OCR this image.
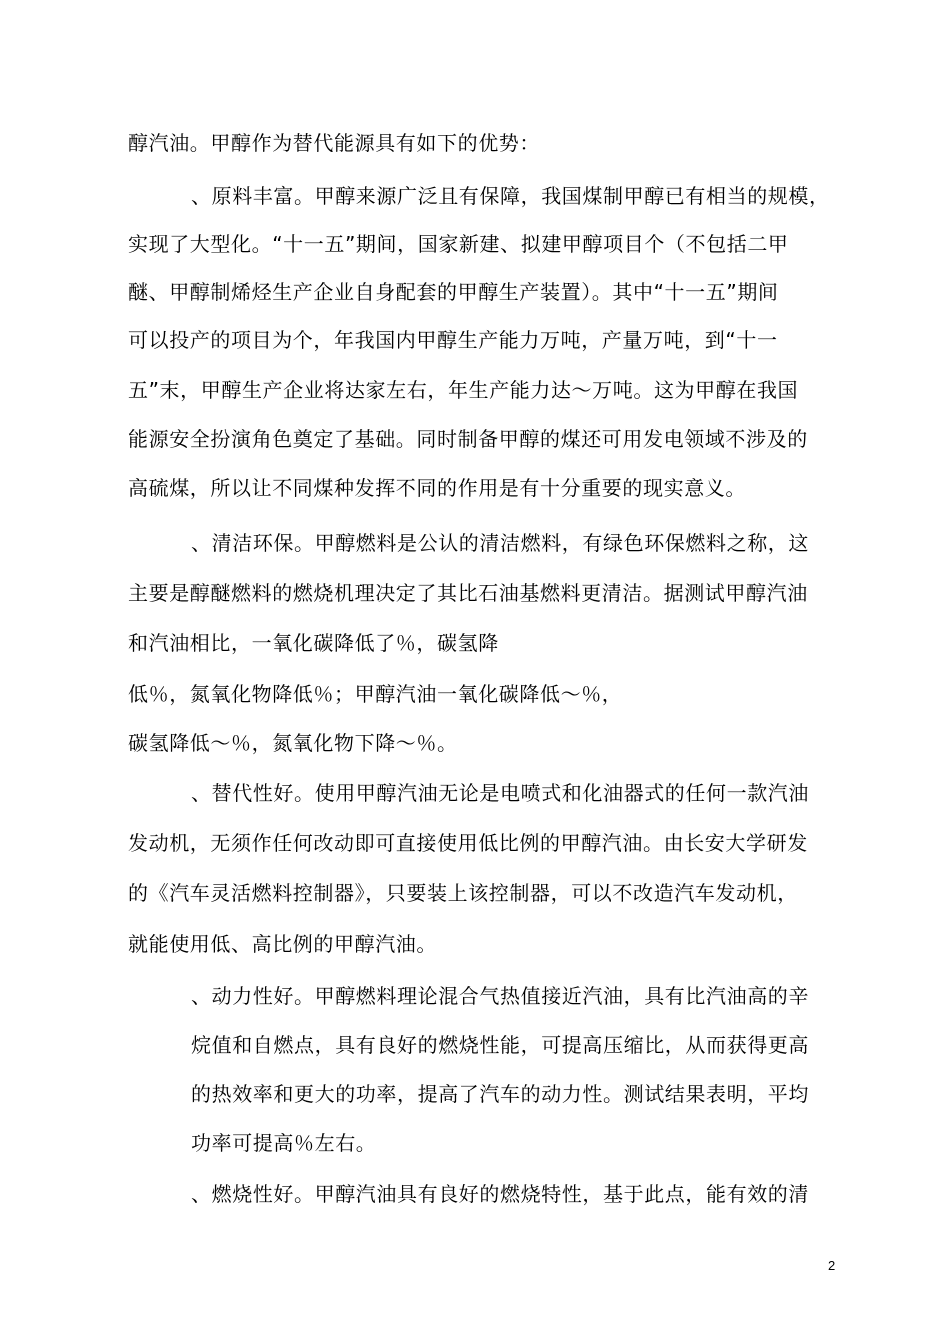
醇汽油。甲醇作为替代能源具有如下的优势：
、原料丰富。甲醇来源广泛且有保障，我国煤制甲醇已有相当的规模，
实现了大型化。“十一五”期间，国家新建、拟建甲醇项目个（不包括二甲
醚、甲醇制烯烃生产企业自身配套的甲醇生产装置）。其中“十一五”期间
可以投产的项目为个，年我国内甲醇生产能力万吨，产量万吨，到“十一
五”末，甲醇生产企业将达家左右，年生产能力达～万吨。这为甲醇在我国
能源安全扮演角色奠定了基础。同时制备甲醇的煤还可用发电领域不涉及的
高硫煤，所以让不同煤种发挥不同的作用是有十分重要的现实意义。
、清洁环保。甲醇燃料是公认的清洁燃料，有绿色环保燃料之称，这
主要是醇醚燃料的燃烧机理决定了其比石油基燃料更清洁。据测试甲醇汽油
和汽油相比，一氧化碳降低了％，碳氢降
低％，氮氧化物降低％；甲醇汽油一氧化碳降低～％，
碳氢降低～％，氮氧化物下降～％。
、替代性好。使用甲醇汽油无论是电喷式和化油器式的任何一款汽油
发动机，无须作任何改动即可直接使用低比例的甲醇汽油。由长安大学研发
的《汽车灵活燃料控制器》，只要装上该控制器，可以不改造汽车发动机，
就能使用低、高比例的甲醇汽油。
、动力性好。甲醇燃料理论混合气热值接近汽油，具有比汽油高的辛
烷值和自燃点，具有良好的燃烧性能，可提高压缩比，从而获得更高
的热效率和更大的功率，提高了汽车的动力性。测试结果表明，平均
功率可提高％左右。
、燃烧性好。甲醇汽油具有良好的燃烧特性，基于此点，能有效的清
2
